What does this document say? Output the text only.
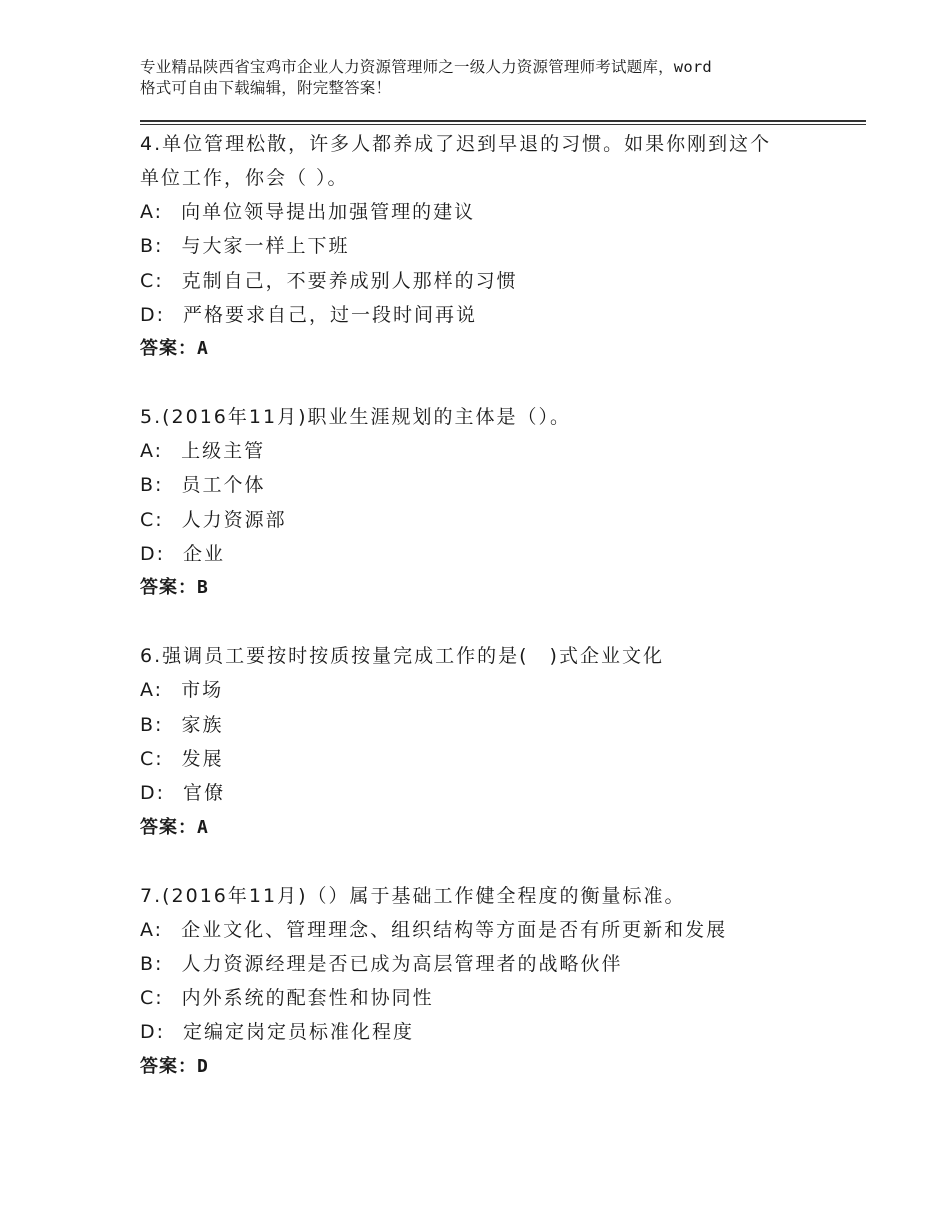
专业精品陕西省宝鸡市企业人力资源管理师之一级人力资源管理师考试题库，word
格式可自由下载编辑，附完整答案！
4.单位管理松散，许多人都养成了迟到早退的习惯。如果你刚到这个
单位工作，你会（ ）。
A: 向单位领导提出加强管理的建议
B: 与大家一样上下班
C: 克制自己，不要养成别人那样的习惯
D: 严格要求自己，过一段时间再说
答案：A
5.(2016年11月)职业生涯规划的主体是（）。
A: 上级主管
B: 员工个体
C: 人力资源部
D: 企业
答案：B
6.强调员工要按时按质按量完成工作的是(　)式企业文化
A: 市场
B: 家族
C: 发展
D: 官僚
答案：A
7.(2016年11月)（）属于基础工作健全程度的衡量标准。
A: 企业文化、管理理念、组织结构等方面是否有所更新和发展
B: 人力资源经理是否已成为高层管理者的战略伙伴
C: 内外系统的配套性和协同性
D: 定编定岗定员标准化程度
答案：D
